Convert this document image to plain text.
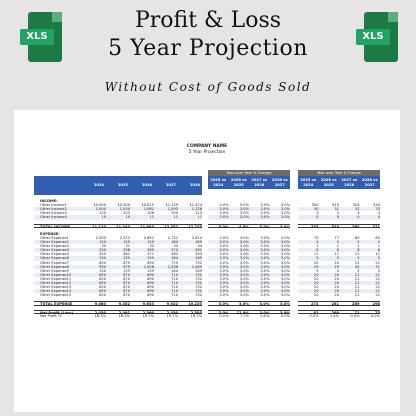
XLS	XLS
Profit & Loss
5 Year Projection
Without Cost of Goods Sold
COMPANY NAME
5 Year Projection
2024	2025	2026	2027	2028
INCOME:
Other Income1	10,000	10,300	10,815	11,139	11,474
Other Income2	1,000	1,030	1,061	1,093	1,126
Other Income3	100	103	106	109	113
Other Income4	10	10	11	11	11
TOTAL INCOME	11,110	11,443	11,993	12,352	12,723
EXPENSE:
Other Expense1	2,500	2,575	2,652	2,732	2,814
Other Expense2	150	155	159	164	169
Other Expense3	30	31	32	33	34
Other Expense4	250	258	265	273	281
Other Expense5	350	361	371	382	394
Other Expense6	150	155	159	164	169
Other Expense7	650	670	690	710	732
Other Expense8	950	979	1,008	1,038	1,069
Other Expense9	150	155	159	164	169
Other Expense10	650	670	690	710	732
Other Expense11	650	670	690	710	732
Other Expense12	650	670	690	710	732
Other Expense13	650	670	690	710	732
Other Expense14	650	670	690	710	732
Other Expense15	650	670	690	710	732
TOTAL EXPENSE	9,080	9,352	9,633	9,922	10,220
Net Profit (Loss)	2,030	2,091	2,360	2,430	2,503
Net Profit %	18.3%	18.3%	19.7%	19.7%	19.7%
Year over Year % Change
2025 vs 2024
2026 vs 2025
2027 vs 2026
2028 vs 2027
3.0%	5.0%	3.0%	3.0%
3.0%	3.0%	3.0%	3.0%
3.0%	3.0%	3.0%	3.0%
3.0%	3.0%	3.0%	3.0%
3.0%	4.8%	3.0%	3.0%
3.0%	3.0%	3.0%	3.0%
3.0%	3.0%	3.0%	3.0%
3.0%	3.0%	3.0%	3.0%
3.0%	3.0%	3.0%	3.0%
3.0%	3.0%	3.0%	3.0%
3.0%	3.0%	3.0%	3.0%
3.0%	3.0%	3.0%	3.0%
3.0%	3.0%	3.0%	3.0%
3.0%	3.0%	3.0%	3.0%
3.0%	3.0%	3.0%	3.0%
3.0%	3.0%	3.0%	3.0%
3.0%	3.0%	3.0%	3.0%
3.0%	3.0%	3.0%	3.0%
3.0%	3.0%	3.0%	3.0%
3.0%	3.0%	3.0%	3.0%
3.0%	3.0%	3.0%	3.0%
3.0%	12.9%	3.0%	3.0%
0.0%	7.7%	0.0%	0.0%
Year over Year $ Change
2025 vs 2024
2026 vs 2025
2027 vs 2026
2028 vs 2027
300	515	324	334
30	31	32	33
3	3	3	3
0	0	0	0
333	549	360	371
75	77	80	82
5	5	5	5
1	1	1	1
8	8	8	8
11	11	11	11
5	5	5	5
20	20	21	21
29	29	30	31
5	5	5	5
20	20	21	21
20	20	21	21
20	20	21	21
20	20	21	21
20	20	21	21
20	20	21	21
272	281	289	298
61	269	71	73
0.0%	1.4%	0.0%	0.0%
